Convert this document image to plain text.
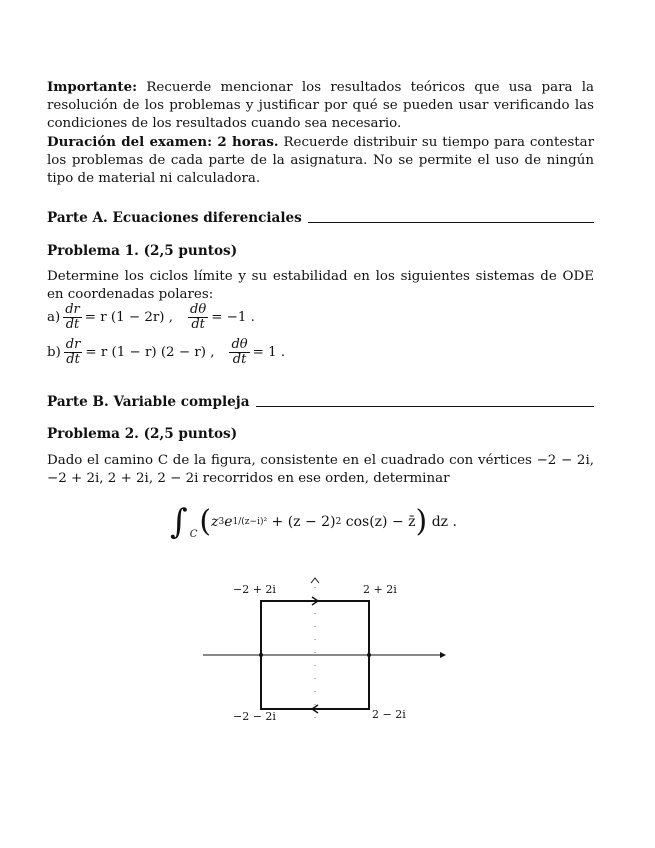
Importante: Recuerde mencionar los resultados teóricos que usa para la resolución de los problemas y justificar por qué se pueden usar verificando las condiciones de los resultados cuando sea necesario.

Duración del examen: 2 horas. Recuerde distribuir su tiempo para contestar los problemas de cada parte de la asignatura. No se permite el uso de ningún tipo de material ni calculadora.

Parte A. Ecuaciones diferenciales
Problema 1. (2,5 puntos)

Determine los ciclos límite y su estabilidad en los siguientes sistemas de ODE en coordenadas polares:

$a) \frac{dr}{dt} = r$ (1 − 2r) , $\frac{d\theta}{dt} = -1$ .
$b) \frac{dr}{dt} = r$ (1 − r) (2 − r) , $\frac{d\theta}{dt} = 1$ .
Parte B. Variable compleja
Problema 2. (2,5 puntos)

Dado el camino C de la figura, consistente en el cuadrado con vértices −2 − 2i, −2 + 2i, 2 + 2i, 2 − 2i recorridos en ese orden, determinar

∫ C ( z 3 e 1/(z−i)²
+ (z − 2) 2
cos(z) − z̄ )
dz .
−2 + 2i	2 + 2i
−2 − 2i	2 − 2i
